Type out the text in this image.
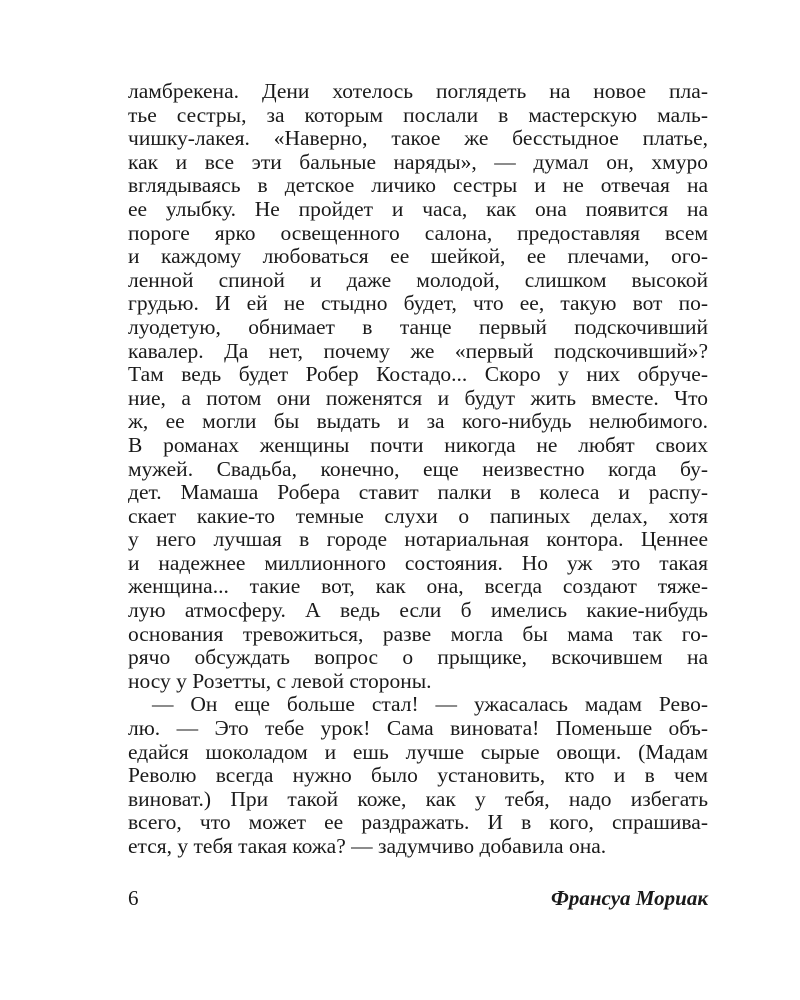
ламбрекена. Дени хотелось поглядеть на новое пла-
тье сестры, за которым послали в мастерскую маль-
чишку-лакея. «Наверно, такое же бесстыдное платье,
как и все эти бальные наряды», — думал он, хмуро
вглядываясь в детское личико сестры и не отвечая на
ее улыбку. Не пройдет и часа, как она появится на
пороге ярко освещенного салона, предоставляя всем
и каждому любоваться ее шейкой, ее плечами, ого-
ленной спиной и даже молодой, слишком высокой
грудью. И ей не стыдно будет, что ее, такую вот по-
луодетую, обнимает в танце первый подскочивший
кавалер. Да нет, почему же «первый подскочивший»?
Там ведь будет Робер Костадо... Скоро у них обруче-
ние, а потом они поженятся и будут жить вместе. Что
ж, ее могли бы выдать и за кого-нибудь нелюбимого.
В романах женщины почти никогда не любят своих
мужей. Свадьба, конечно, еще неизвестно когда бу-
дет. Мамаша Робера ставит палки в колеса и распу-
скает какие-то темные слухи о папиных делах, хотя
у него лучшая в городе нотариальная контора. Ценнее
и надежнее миллионного состояния. Но уж это такая
женщина... такие вот, как она, всегда создают тяже-
лую атмосферу. А ведь если б имелись какие-нибудь
основания тревожиться, разве могла бы мама так го-
рячо обсуждать вопрос о прыщике, вскочившем на
носу у Розетты, с левой стороны.
— Он еще больше стал! — ужасалась мадам Рево-
лю. — Это тебе урок! Сама виновата! Поменьше объ-
едайся шоколадом и ешь лучше сырые овощи. (Мадам
Револю всегда нужно было установить, кто и в чем
виноват.) При такой коже, как у тебя, надо избегать
всего, что может ее раздражать. И в кого, спрашива-
ется, у тебя такая кожа? — задумчиво добавила она.
6	Франсуа Мориак
